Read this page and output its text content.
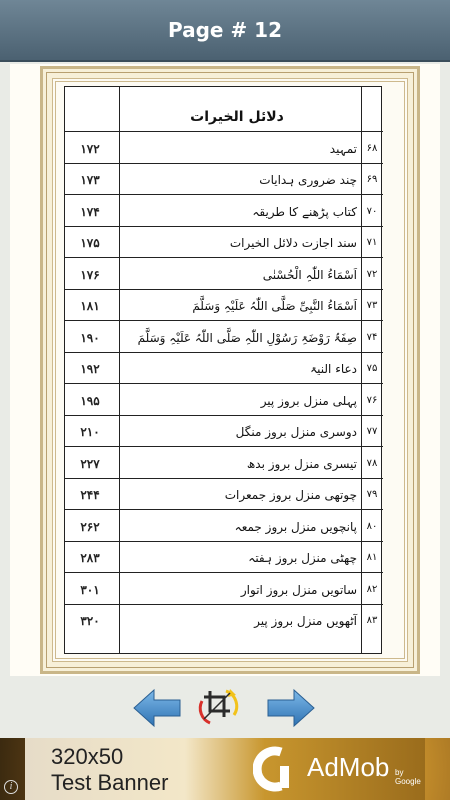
Page # 12
دلائل الخیرات
۱۷۲	تمہید ۶۸
۱۷۳	چند ضروری ہدایات ۶۹
۱۷۴	کتاب پڑھنے کا طریقہ ۷۰
۱۷۵	سند اجازت دلائل الخیرات ۷۱
۱۷۶	اَسْمَاءُ اللّٰہِ الْحُسْنٰی ۷۲
۱۸۱	اَسْمَاءُ النَّبِیِّ صَلَّی اللّٰہُ عَلَیْہِ وَسَلَّمَ ۷۳
۱۹۰	صِفَۃُ رَوْضَۃِ رَسُوْلِ اللّٰہِ صَلَّی اللّٰہُ عَلَیْہِ وَسَلَّمَ ۷۴
۱۹۲	دعاء النیۃ ۷۵
۱۹۵	پہلی منزل بروز پیر ۷۶
۲۱۰	دوسری منزل بروز منگل ۷۷
۲۲۷	تیسری منزل بروز بدھ ۷۸
۲۴۴	چوتھی منزل بروز جمعرات ۷۹
۲۶۲	پانچویں منزل بروز جمعہ ۸۰
۲۸۳	چھٹی منزل بروز ہفتہ ۸۱
۳۰۱	ساتویں منزل بروز اتوار ۸۲
۳۲۰	آٹھویں منزل بروز پیر ۸۳
320x50
Test Banner
AdMob by Google
i
